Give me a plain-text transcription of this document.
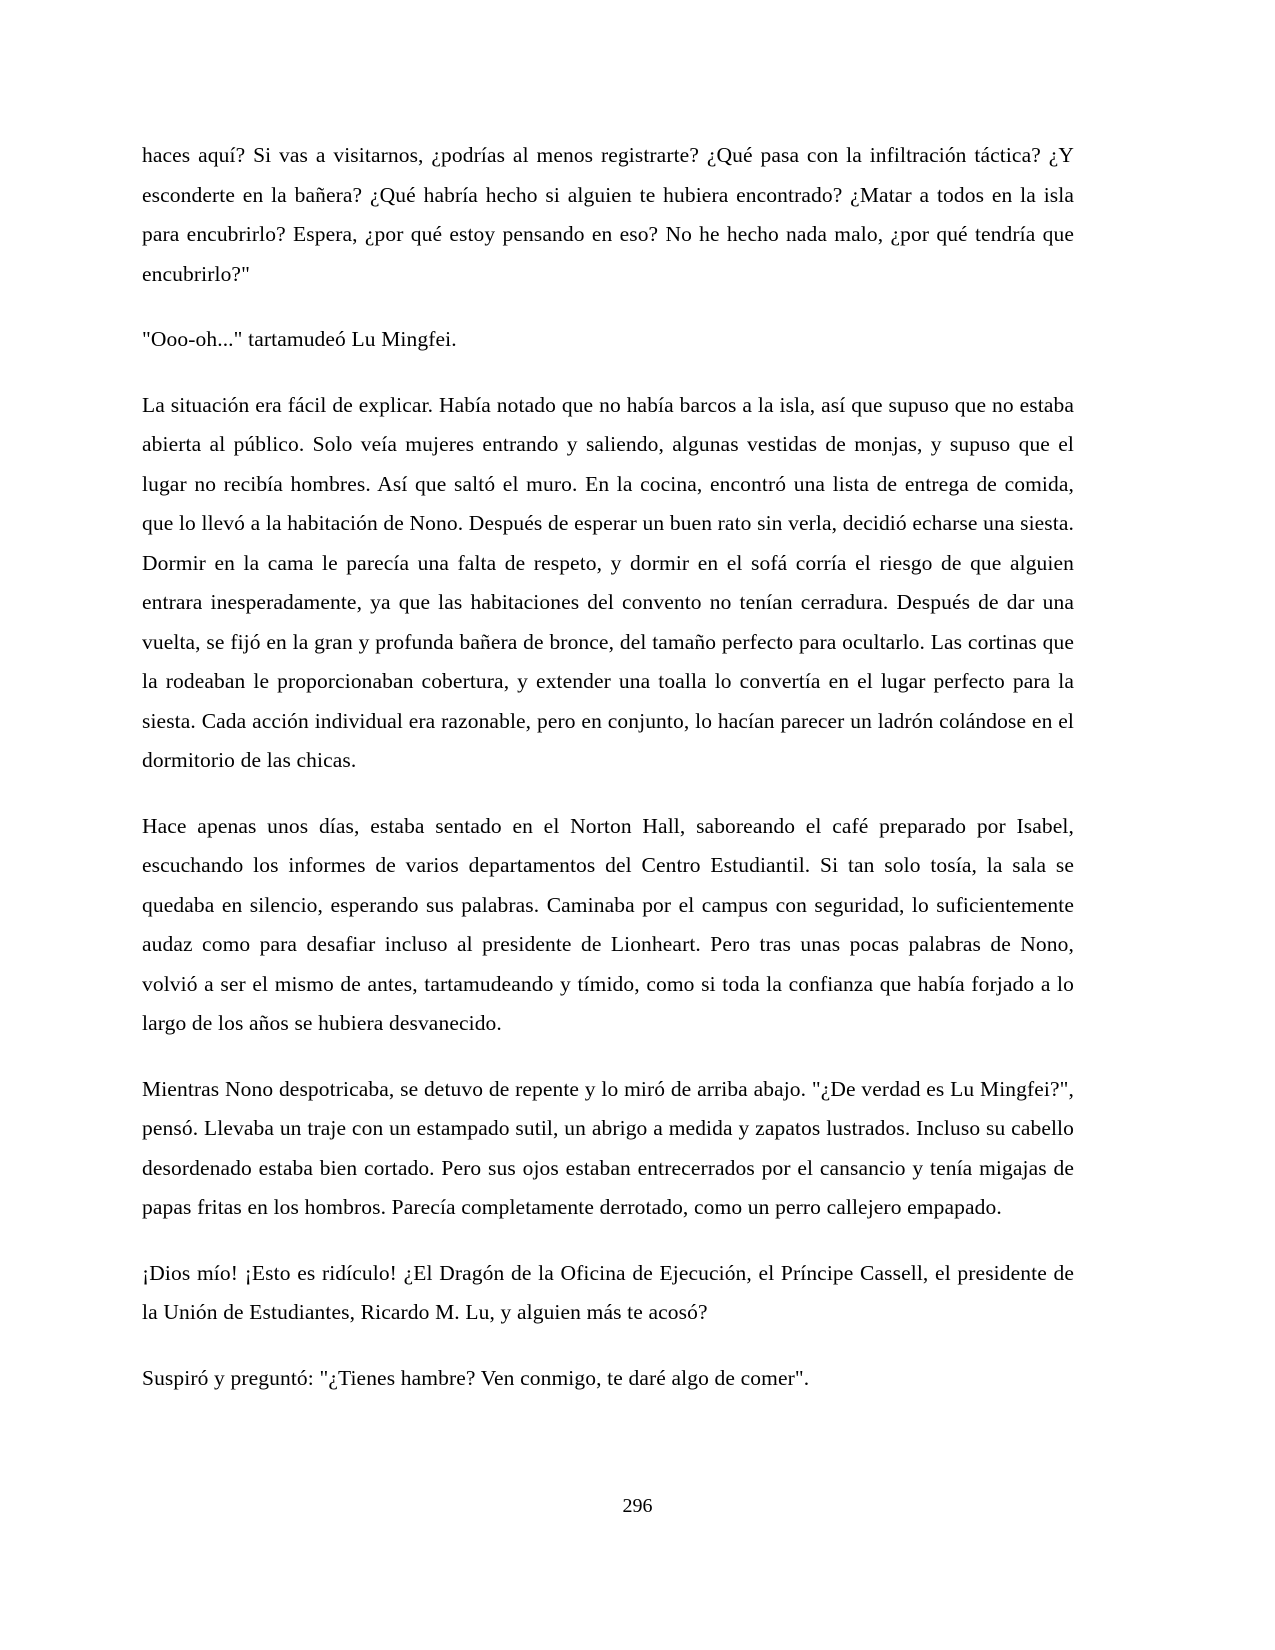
haces aquí? Si vas a visitarnos, ¿podrías al menos registrarte? ¿Qué pasa con la infiltración táctica? ¿Y esconderte en la bañera? ¿Qué habría hecho si alguien te hubiera encontrado? ¿Matar a todos en la isla para encubrirlo? Espera, ¿por qué estoy pensando en eso? No he hecho nada malo, ¿por qué tendría que encubrirlo?"

"Ooo-oh..." tartamudeó Lu Mingfei.

La situación era fácil de explicar. Había notado que no había barcos a la isla, así que supuso que no estaba abierta al público. Solo veía mujeres entrando y saliendo, algunas vestidas de monjas, y supuso que el lugar no recibía hombres. Así que saltó el muro. En la cocina, encontró una lista de entrega de comida, que lo llevó a la habitación de Nono. Después de esperar un buen rato sin verla, decidió echarse una siesta. Dormir en la cama le parecía una falta de respeto, y dormir en el sofá corría el riesgo de que alguien entrara inesperadamente, ya que las habitaciones del convento no tenían cerradura. Después de dar una vuelta, se fijó en la gran y profunda bañera de bronce, del tamaño perfecto para ocultarlo. Las cortinas que la rodeaban le proporcionaban cobertura, y extender una toalla lo convertía en el lugar perfecto para la siesta. Cada acción individual era razonable, pero en conjunto, lo hacían parecer un ladrón colándose en el dormitorio de las chicas.

Hace apenas unos días, estaba sentado en el Norton Hall, saboreando el café preparado por Isabel, escuchando los informes de varios departamentos del Centro Estudiantil. Si tan solo tosía, la sala se quedaba en silencio, esperando sus palabras. Caminaba por el campus con seguridad, lo suficientemente audaz como para desafiar incluso al presidente de Lionheart. Pero tras unas pocas palabras de Nono, volvió a ser el mismo de antes, tartamudeando y tímido, como si toda la confianza que había forjado a lo largo de los años se hubiera desvanecido.

Mientras Nono despotricaba, se detuvo de repente y lo miró de arriba abajo. "¿De verdad es Lu Mingfei?", pensó. Llevaba un traje con un estampado sutil, un abrigo a medida y zapatos lustrados. Incluso su cabello desordenado estaba bien cortado. Pero sus ojos estaban entrecerrados por el cansancio y tenía migajas de papas fritas en los hombros. Parecía completamente derrotado, como un perro callejero empapado.

¡Dios mío! ¡Esto es ridículo! ¿El Dragón de la Oficina de Ejecución, el Príncipe Cassell, el presidente de la Unión de Estudiantes, Ricardo M. Lu, y alguien más te acosó?

Suspiró y preguntó: "¿Tienes hambre? Ven conmigo, te daré algo de comer".

296
